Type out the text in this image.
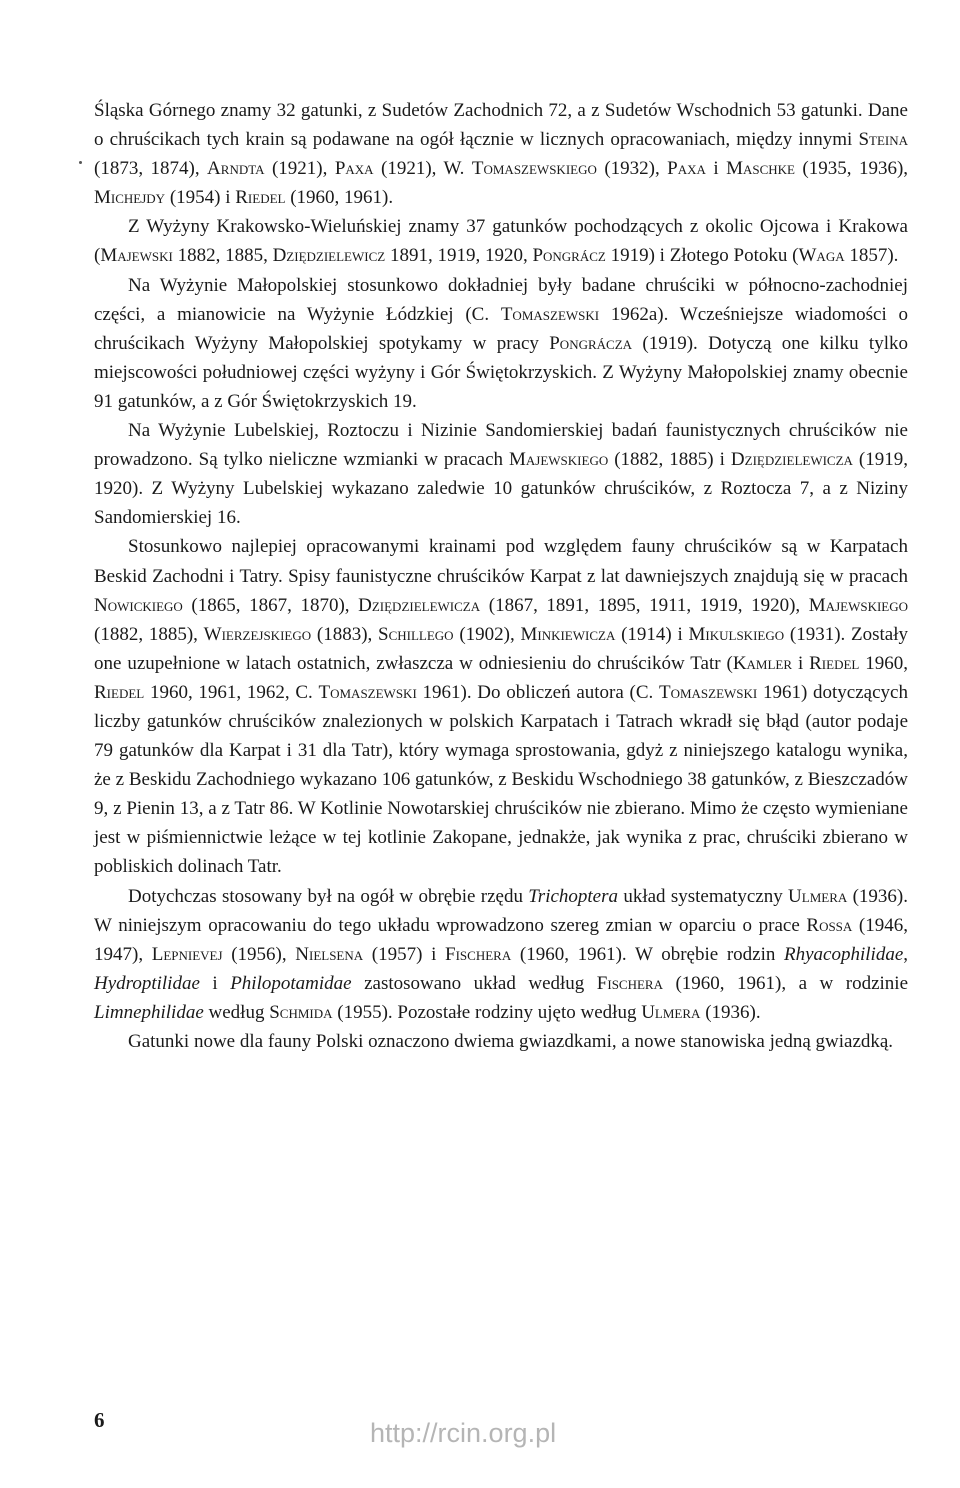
Śląska Górnego znamy 32 gatunki, z Sudetów Zachodnich 72, a z Sudetów Wschodnich 53 gatunki. Dane o chruścikach tych krain są podawane na ogół łącznie w licznych opracowaniach, między innymi Steina (1873, 1874), Arndta (1921), Paxa (1921), W. Tomaszewskiego (1932), Paxa i Maschke (1935, 1936), Michejdy (1954) i Riedel (1960, 1961).

Z Wyżyny Krakowsko-Wieluńskiej znamy 37 gatunków pochodzących z okolic Ojcowa i Krakowa (Majewski 1882, 1885, Dziędzielewicz 1891, 1919, 1920, Pongrácz 1919) i Złotego Potoku (Waga 1857).

Na Wyżynie Małopolskiej stosunkowo dokładniej były badane chruściki w północno-zachodniej części, a mianowicie na Wyżynie Łódzkiej (C. Tomaszewski 1962a). Wcześniejsze wiadomości o chruścikach Wyżyny Małopolskiej spotykamy w pracy Pongrácza (1919). Dotyczą one kilku tylko miejscowości południowej części wyżyny i Gór Świętokrzyskich. Z Wyżyny Małopolskiej znamy obecnie 91 gatunków, a z Gór Świętokrzyskich 19.

Na Wyżynie Lubelskiej, Roztoczu i Nizinie Sandomierskiej badań faunistycznych chruścików nie prowadzono. Są tylko nieliczne wzmianki w pracach Majewskiego (1882, 1885) i Dziędzielewicza (1919, 1920). Z Wyżyny Lubelskiej wykazano zaledwie 10 gatunków chruścików, z Roztocza 7, a z Niziny Sandomierskiej 16.

Stosunkowo najlepiej opracowanymi krainami pod względem fauny chruścików są w Karpatach Beskid Zachodni i Tatry. Spisy faunistyczne chruścików Karpat z lat dawniejszych znajdują się w pracach Nowickiego (1865, 1867, 1870), Dziędzielewicza (1867, 1891, 1895, 1911, 1919, 1920), Majewskiego (1882, 1885), Wierzejskiego (1883), Schillego (1902), Minkiewicza (1914) i Mikulskiego (1931). Zostały one uzupełnione w latach ostatnich, zwłaszcza w odniesieniu do chruścików Tatr (Kamler i Riedel 1960, Riedel 1960, 1961, 1962, C. Tomaszewski 1961). Do obliczeń autora (C. Tomaszewski 1961) dotyczących liczby gatunków chruścików znalezionych w polskich Karpatach i Tatrach wkradł się błąd (autor podaje 79 gatunków dla Karpat i 31 dla Tatr), który wymaga sprostowania, gdyż z niniejszego katalogu wynika, że z Beskidu Zachodniego wykazano 106 gatunków, z Beskidu Wschodniego 38 gatunków, z Bieszczadów 9, z Pienin 13, a z Tatr 86. W Kotlinie Nowotarskiej chruścików nie zbierano. Mimo że często wymieniane jest w piśmiennictwie leżące w tej kotlinie Zakopane, jednakże, jak wynika z prac, chruściki zbierano w pobliskich dolinach Tatr.

Dotychczas stosowany był na ogół w obrębie rzędu Trichoptera układ systematyczny Ulmera (1936). W niniejszym opracowaniu do tego układu wprowadzono szereg zmian w oparciu o prace Rossa (1946, 1947), Lepnievej (1956), Nielsena (1957) i Fischera (1960, 1961). W obrębie rodzin Rhyacophilidae, Hydroptilidae i Philopotamidae zastosowano układ według Fischera (1960, 1961), a w rodzinie Limnephilidae według Schmida (1955). Pozostałe rodziny ujęto według Ulmera (1936).

Gatunki nowe dla fauny Polski oznaczono dwiema gwiazdkami, a nowe stanowiska jedną gwiazdką.

6	http://rcin.org.pl
